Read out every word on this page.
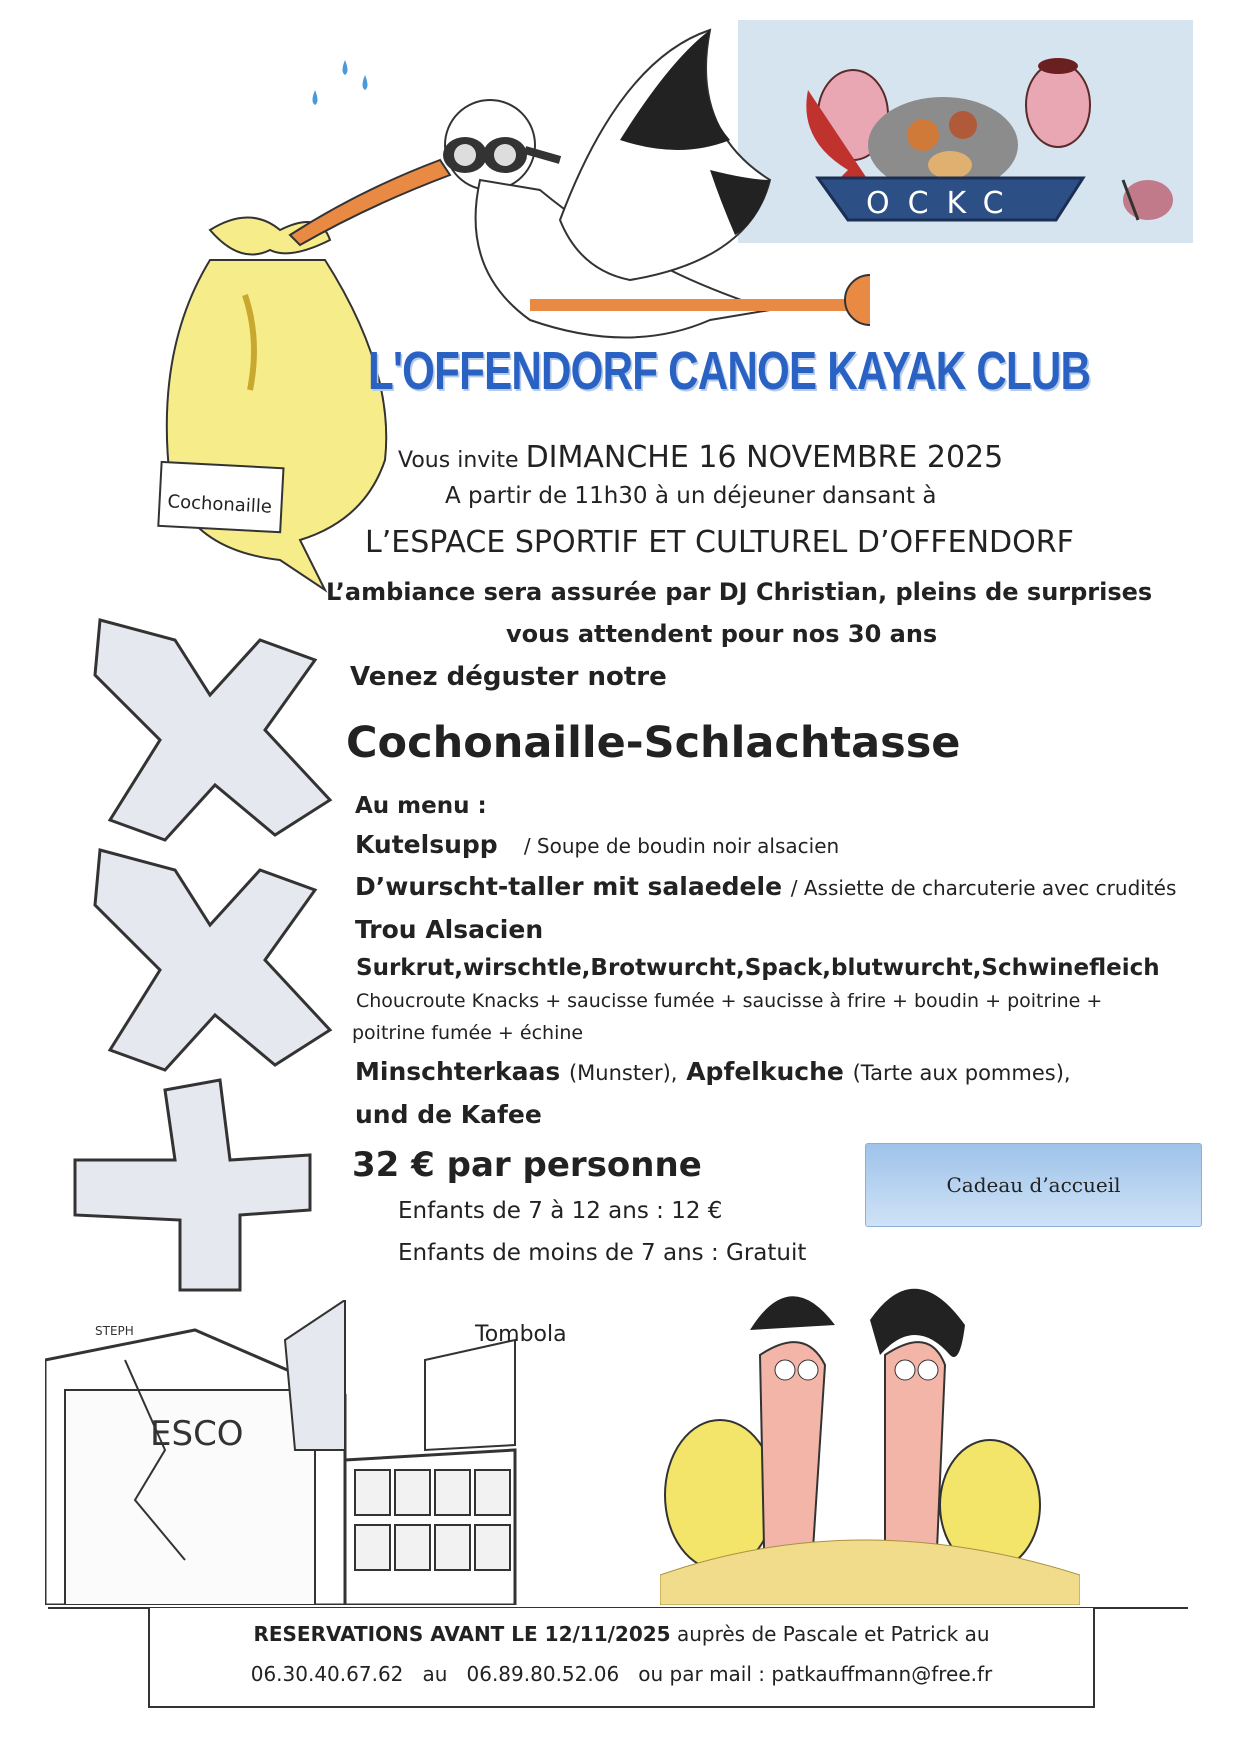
OCKC
Cochonaille
STEPH
ESCO
L'OFFENDORF CANOE KAYAK CLUB
Vous invite DIMANCHE 16 NOVEMBRE 2025
A partir de 11h30 à un déjeuner dansant à
L’ESPACE SPORTIF ET CULTUREL D’OFFENDORF
L’ambiance sera assurée par DJ Christian, pleins de surprises
vous attendent pour nos 30 ans
Venez déguster notre
Cochonaille-Schlachtasse
Au menu :
Kutelsupp / Soupe de boudin noir alsacien
D’wurscht-taller mit salaedele / Assiette de charcuterie avec crudités
Trou Alsacien
Surkrut,wirschtle,Brotwurcht,Spack,blutwurcht,Schwinefleich
Choucroute Knacks + saucisse fumée + saucisse à frire + boudin + poitrine +
poitrine fumée + échine
Minschterkaas (Munster), Apfelkuche (Tarte aux pommes),
und de Kafee
32 € par personne
Enfants de 7 à 12 ans : 12 €
Enfants de moins de 7 ans : Gratuit
Cadeau d’accueil
Tombola
RESERVATIONS AVANT LE 12/11/2025 auprès de Pascale et Patrick au
06.30.40.67.62 au 06.89.80.52.06 ou par mail : patkauffmann@free.fr
